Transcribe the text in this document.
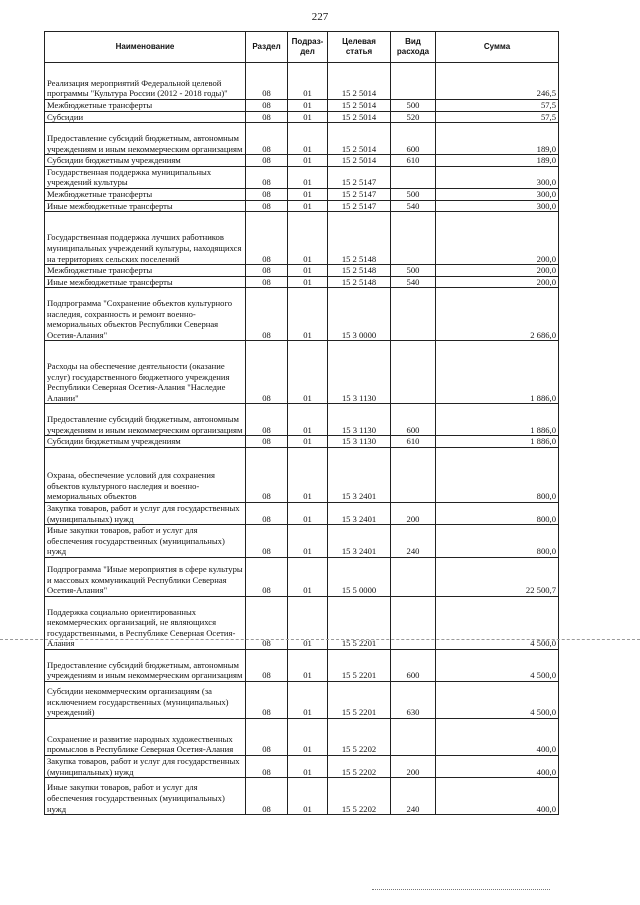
227
Наименование	Раздел	Подраз-дел	Целевая статья	Вид расхода	Сумма
Реализация мероприятий Федеральной целевой программы "Культура России (2012 - 2018 годы)"	08	01	15 2 5014		246,5
Межбюджетные трансферты	08	01	15 2 5014	500	57,5
Субсидии	08	01	15 2 5014	520	57,5
Предоставление субсидий бюджетным, автономным учреждениям и иным некоммерческим организациям	08	01	15 2 5014	600	189,0
Субсидии бюджетным учреждениям	08	01	15 2 5014	610	189,0
Государственная поддержка муниципальных учреждений культуры	08	01	15 2 5147		300,0
Межбюджетные трансферты	08	01	15 2 5147	500	300,0
Иные межбюджетные трансферты	08	01	15 2 5147	540	300,0
Государственная поддержка лучших работников муниципальных учреждений культуры, находящихся на территориях сельских поселений	08	01	15 2 5148		200,0
Межбюджетные трансферты	08	01	15 2 5148	500	200,0
Иные межбюджетные трансферты	08	01	15 2 5148	540	200,0
Подпрограмма "Сохранение объектов культурного наследия, сохранность и ремонт военно-мемориальных объектов Республики Северная Осетия-Алания"	08	01	15 3 0000		2 686,0
Расходы на обеспечение деятельности (оказание услуг) государственного бюджетного учреждения Республики Северная Осетия-Алания "Наследие Алании"	08	01	15 3 1130		1 886,0
Предоставление субсидий бюджетным, автономным учреждениям и иным некоммерческим организациям	08	01	15 3 1130	600	1 886,0
Субсидии бюджетным учреждениям	08	01	15 3 1130	610	1 886,0
Охрана, обеспечение условий для сохранения объектов культурного наследия и военно-мемориальных объектов	08	01	15 3 2401		800,0
Закупка товаров, работ и услуг для государственных (муниципальных) нужд	08	01	15 3 2401	200	800,0
Иные закупки товаров, работ и услуг для обеспечения государственных (муниципальных) нужд	08	01	15 3 2401	240	800,0
Подпрограмма "Иные мероприятия в сфере культуры и массовых коммуникаций Республики Северная Осетия-Алания"	08	01	15 5 0000		22 500,7
Поддержка социально ориентированных некоммерческих организаций, не являющихся государственными, в Республике Северная Осетия-Алания	08	01	15 5 2201		4 500,0
Предоставление субсидий бюджетным, автономным учреждениям и иным некоммерческим организациям	08	01	15 5 2201	600	4 500,0
Субсидии некоммерческим организациям (за исключением государственных (муниципальных) учреждений)	08	01	15 5 2201	630	4 500,0
Сохранение и развитие народных художественных промыслов в Республике Северная Осетия-Алания	08	01	15 5 2202		400,0
Закупка товаров, работ и услуг для государственных (муниципальных) нужд	08	01	15 5 2202	200	400,0
Иные закупки товаров, работ и услуг для обеспечения государственных (муниципальных) нужд	08	01	15 5 2202	240	400,0
